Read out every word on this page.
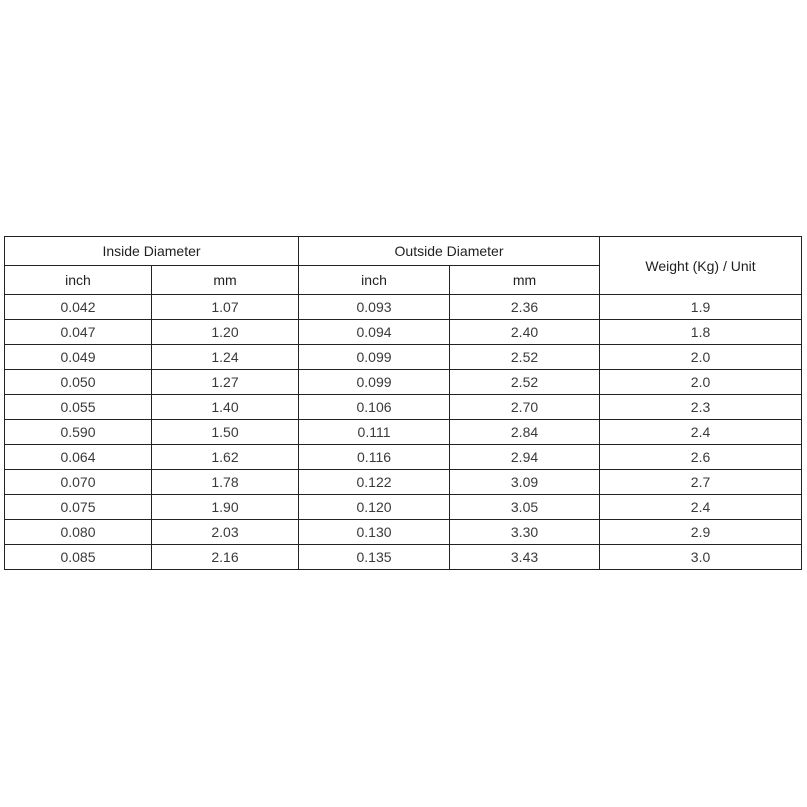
Inside Diameter		Outside Diameter		Weight (Kg) / Unit
inch	mm	inch	mm	
0.042	1.07	0.093	2.36	1.9
0.047	1.20	0.094	2.40	1.8
0.049	1.24	0.099	2.52	2.0
0.050	1.27	0.099	2.52	2.0
0.055	1.40	0.106	2.70	2.3
0.590	1.50	0.111	2.84	2.4
0.064	1.62	0.116	2.94	2.6
0.070	1.78	0.122	3.09	2.7
0.075	1.90	0.120	3.05	2.4
0.080	2.03	0.130	3.30	2.9
0.085	2.16	0.135	3.43	3.0
